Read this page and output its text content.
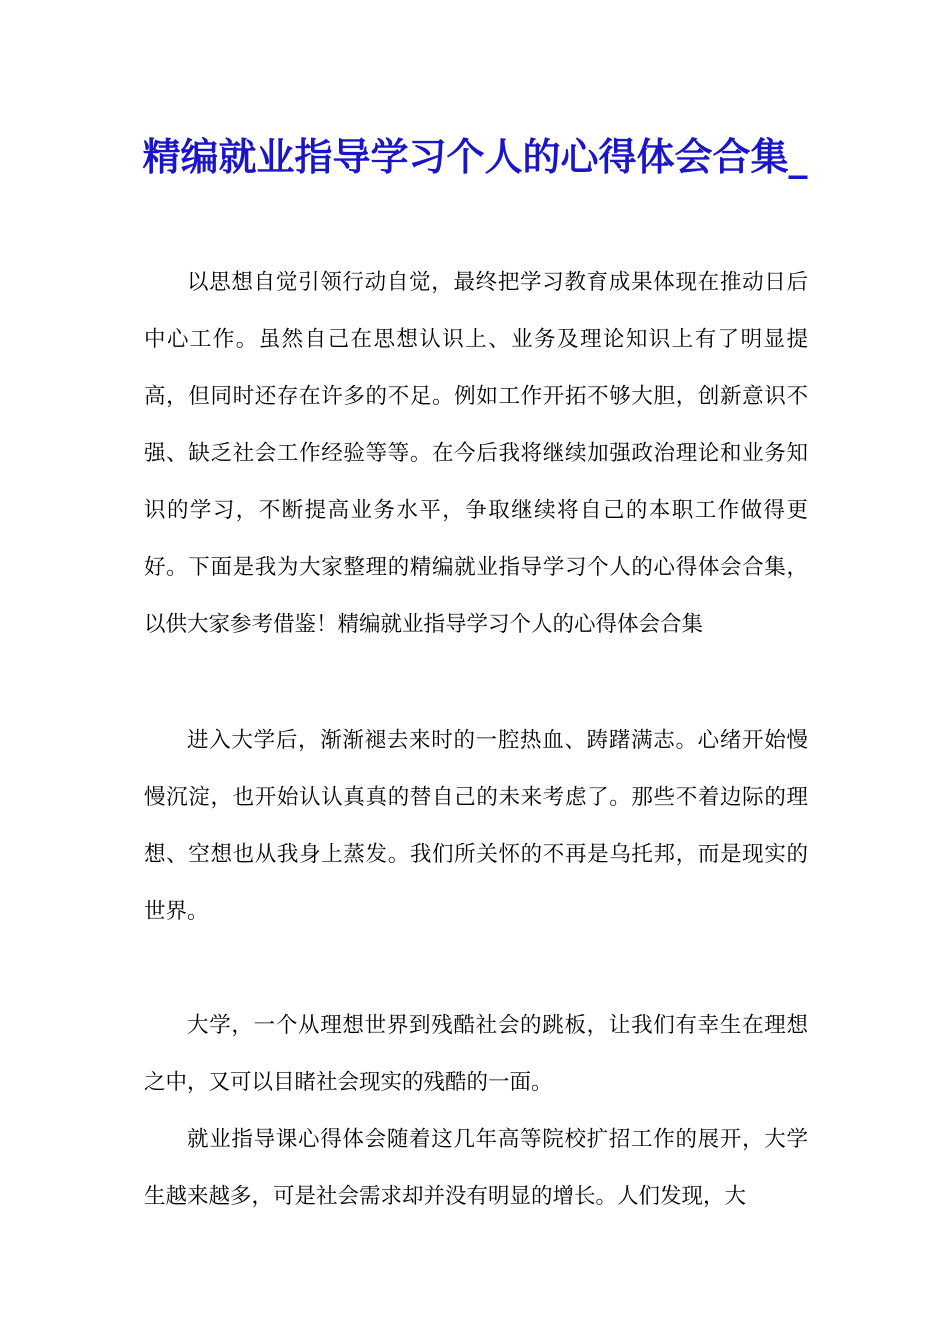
精编就业指导学习个人的心得体会合集_

以思想自觉引领行动自觉，最终把学习教育成果体现在推动日后中心工作。虽然自己在思想认识上、业务及理论知识上有了明显提高，但同时还存在许多的不足。例如工作开拓不够大胆，创新意识不强、缺乏社会工作经验等等。在今后我将继续加强政治理论和业务知识的学习，不断提高业务水平，争取继续将自己的本职工作做得更好。下面是我为大家整理的精编就业指导学习个人的心得体会合集，以供大家参考借鉴！精编就业指导学习个人的心得体会合集

进入大学后，渐渐褪去来时的一腔热血、踌躇满志。心绪开始慢慢沉淀，也开始认认真真的替自己的未来考虑了。那些不着边际的理想、空想也从我身上蒸发。我们所关怀的不再是乌托邦，而是现实的世界。

大学，一个从理想世界到残酷社会的跳板，让我们有幸生在理想之中，又可以目睹社会现实的残酷的一面。

就业指导课心得体会随着这几年高等院校扩招工作的展开，大学生越来越多，可是社会需求却并没有明显的增长。人们发现，大
